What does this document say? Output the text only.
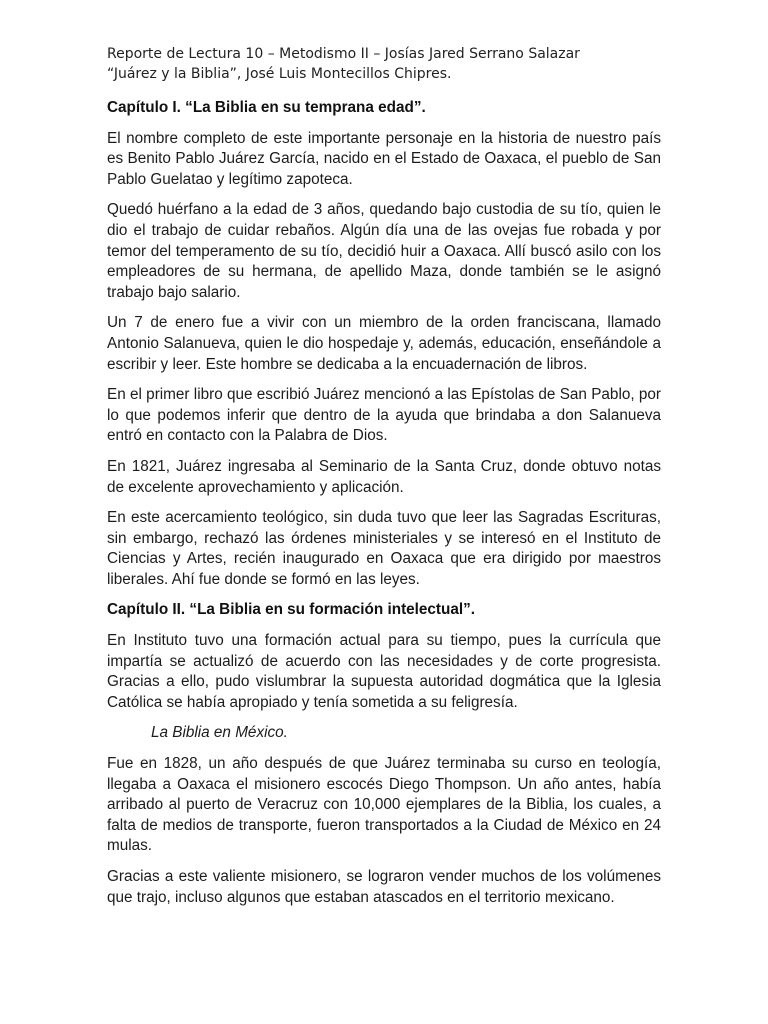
Reporte de Lectura 10 – Metodismo II – Josías Jared Serrano Salazar
“Juárez y la Biblia”, José Luis Montecillos Chipres.
Capítulo I. “La Biblia en su temprana edad”.

El nombre completo de este importante personaje en la historia de nuestro país es Benito Pablo Juárez García, nacido en el Estado de Oaxaca, el pueblo de San Pablo Guelatao y legítimo zapoteca.

Quedó huérfano a la edad de 3 años, quedando bajo custodia de su tío, quien le dio el trabajo de cuidar rebaños. Algún día una de las ovejas fue robada y por temor del temperamento de su tío, decidió huir a Oaxaca. Allí buscó asilo con los empleadores de su hermana, de apellido Maza, donde también se le asignó trabajo bajo salario.

Un 7 de enero fue a vivir con un miembro de la orden franciscana, llamado Antonio Salanueva, quien le dio hospedaje y, además, educación, enseñándole a escribir y leer. Este hombre se dedicaba a la encuadernación de libros.

En el primer libro que escribió Juárez mencionó a las Epístolas de San Pablo, por lo que podemos inferir que dentro de la ayuda que brindaba a don Salanueva entró en contacto con la Palabra de Dios.

En 1821, Juárez ingresaba al Seminario de la Santa Cruz, donde obtuvo notas de excelente aprovechamiento y aplicación.

En este acercamiento teológico, sin duda tuvo que leer las Sagradas Escrituras, sin embargo, rechazó las órdenes ministeriales y se interesó en el Instituto de Ciencias y Artes, recién inaugurado en Oaxaca que era dirigido por maestros liberales. Ahí fue donde se formó en las leyes.

Capítulo II. “La Biblia en su formación intelectual”.

En Instituto tuvo una formación actual para su tiempo, pues la currícula que impartía se actualizó de acuerdo con las necesidades y de corte progresista. Gracias a ello, pudo vislumbrar la supuesta autoridad dogmática que la Iglesia Católica se había apropiado y tenía sometida a su feligresía.

La Biblia en México.

Fue en 1828, un año después de que Juárez terminaba su curso en teología, llegaba a Oaxaca el misionero escocés Diego Thompson. Un año antes, había arribado al puerto de Veracruz con 10,000 ejemplares de la Biblia, los cuales, a falta de medios de transporte, fueron transportados a la Ciudad de México en 24 mulas.

Gracias a este valiente misionero, se lograron vender muchos de los volúmenes que trajo, incluso algunos que estaban atascados en el territorio mexicano.
